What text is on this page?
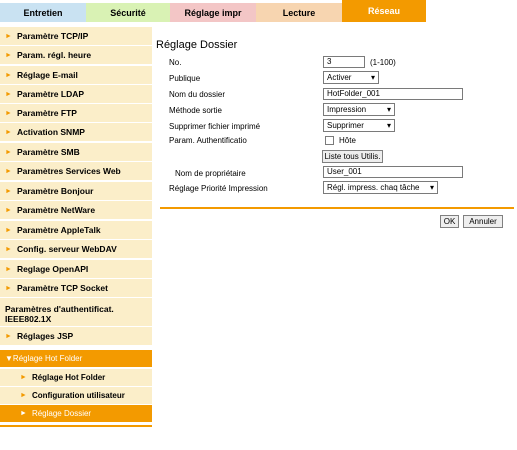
Entretien	Sécurité	Réglage impr	Lecture	Réseau
► Paramètre TCP/IP
► Param. régl. heure
► Réglage E-mail
► Paramètre LDAP
► Paramètre FTP
► Activation SNMP
► Paramètre SMB
► Paramètres Services Web
► Paramètre Bonjour
► Paramètre NetWare
► Paramètre AppleTalk
► Config. serveur WebDAV
► Reglage OpenAPI
► Paramètre TCP Socket
Paramètres d'authentificat. IEEE802.1X
► Réglages JSP
▼Réglage Hot Folder
► Réglage Hot Folder
► Configuration utilisateur
► Réglage Dossier
Réglage Dossier
No.	3	(1-100)
Publique	Activer ▾
Nom du dossier	HotFolder_001
Méthode sortie	Impression	▾
Supprimer fichier imprimé	Supprimer	▾
Param. Authentificatio	Hôte
Liste tous Utilis.
Nom de propriétaire	User_001
Réglage Priorité Impression	Régl. impress. chaq tâche ▾
OK	Annuler
